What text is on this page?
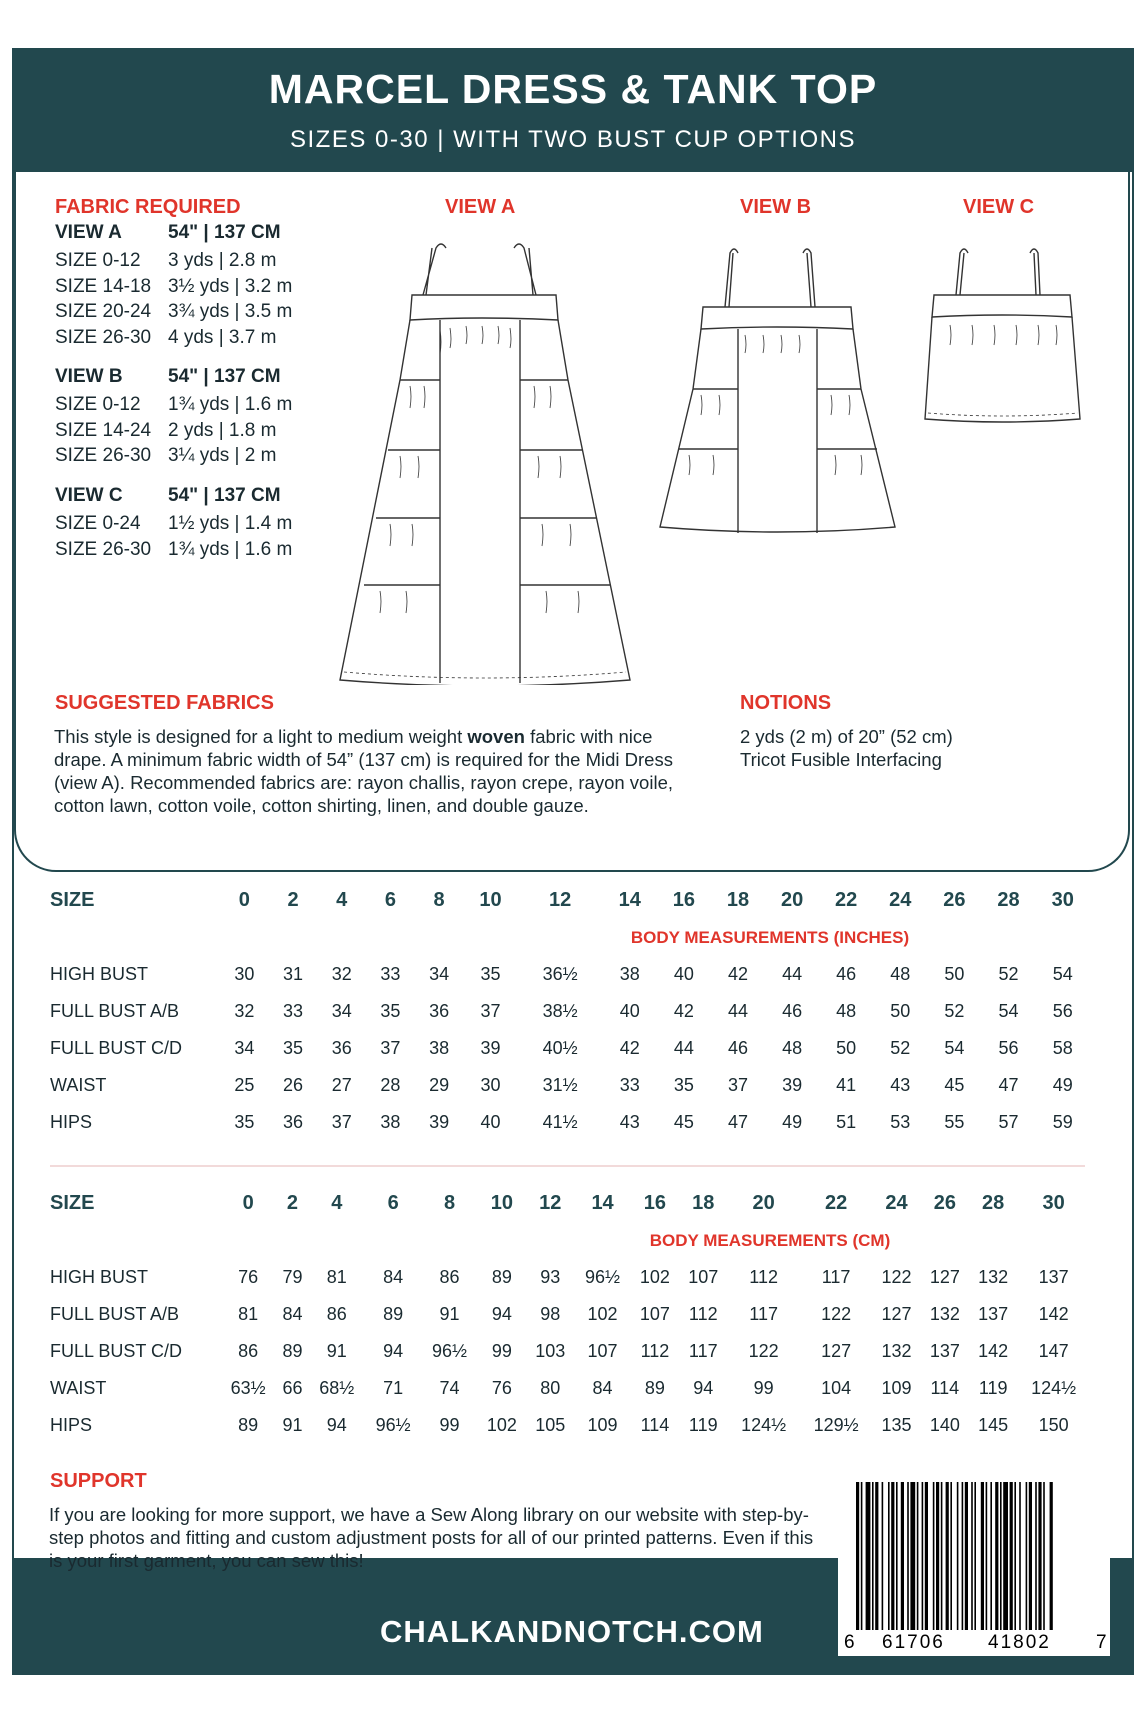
MARCEL DRESS & TANK TOP
SIZES 0-30 | WITH TWO BUST CUP OPTIONS
FABRIC REQUIRED
VIEW A 54" | 137 CM
SIZE 0-12 3 yds | 2.8 m
SIZE 14-18 3½ yds | 3.2 m
SIZE 20-24 3¾ yds | 3.5 m
SIZE 26-30 4 yds | 3.7 m
VIEW B 54" | 137 CM
SIZE 0-12 1¾ yds | 1.6 m
SIZE 14-24 2 yds | 1.8 m
SIZE 26-30 3¼ yds | 2 m
VIEW C 54" | 137 CM
SIZE 0-24 1½ yds | 1.4 m
SIZE 26-30 1¾ yds | 1.6 m
VIEW A	VIEW B	VIEW C
SUGGESTED FABRICS
This style is designed for a light to medium weight woven fabric with nice drape. A minimum fabric width of 54” (137 cm) is required for the Midi Dress (view A). Recommended fabrics are: rayon challis, rayon crepe, rayon voile, cotton lawn, cotton voile, cotton shirting, linen, and double gauze.
NOTIONS
2 yds (2 m) of 20” (52 cm)
Tricot Fusible Interfacing
SIZE	0	2	4	6	8	10	12	14	16	18	20	22	24	26	28	30
	BODY MEASUREMENTS (INCHES)															
HIGH BUST	30	31	32	33	34	35	36½	38	40	42	44	46	48	50	52	54
FULL BUST A/B	32	33	34	35	36	37	38½	40	42	44	46	48	50	52	54	56
FULL BUST C/D	34	35	36	37	38	39	40½	42	44	46	48	50	52	54	56	58
WAIST	25	26	27	28	29	30	31½	33	35	37	39	41	43	45	47	49
HIPS	35	36	37	38	39	40	41½	43	45	47	49	51	53	55	57	59
SIZE	0	2	4	6	8	10	12	14	16	18	20	22	24	26	28	30
	BODY MEASUREMENTS (CM)															
HIGH BUST	76	79	81	84	86	89	93	96½	102	107	112	117	122	127	132	137
FULL BUST A/B	81	84	86	89	91	94	98	102	107	112	117	122	127	132	137	142
FULL BUST C/D	86	89	91	94	96½	99	103	107	112	117	122	127	132	137	142	147
WAIST	63½	66	68½	71	74	76	80	84	89	94	99	104	109	114	119	124½
HIPS	89	91	94	96½	99	102	105	109	114	119	124½	129½	135	140	145	150
SUPPORT
If you are looking for more support, we have a Sew Along library on our website with step-by-step photos and fitting and custom adjustment posts for all of our printed patterns. Even if this is your first garment, you can sew this!
CHALKANDNOTCH.COM	6 61706 41802 7
